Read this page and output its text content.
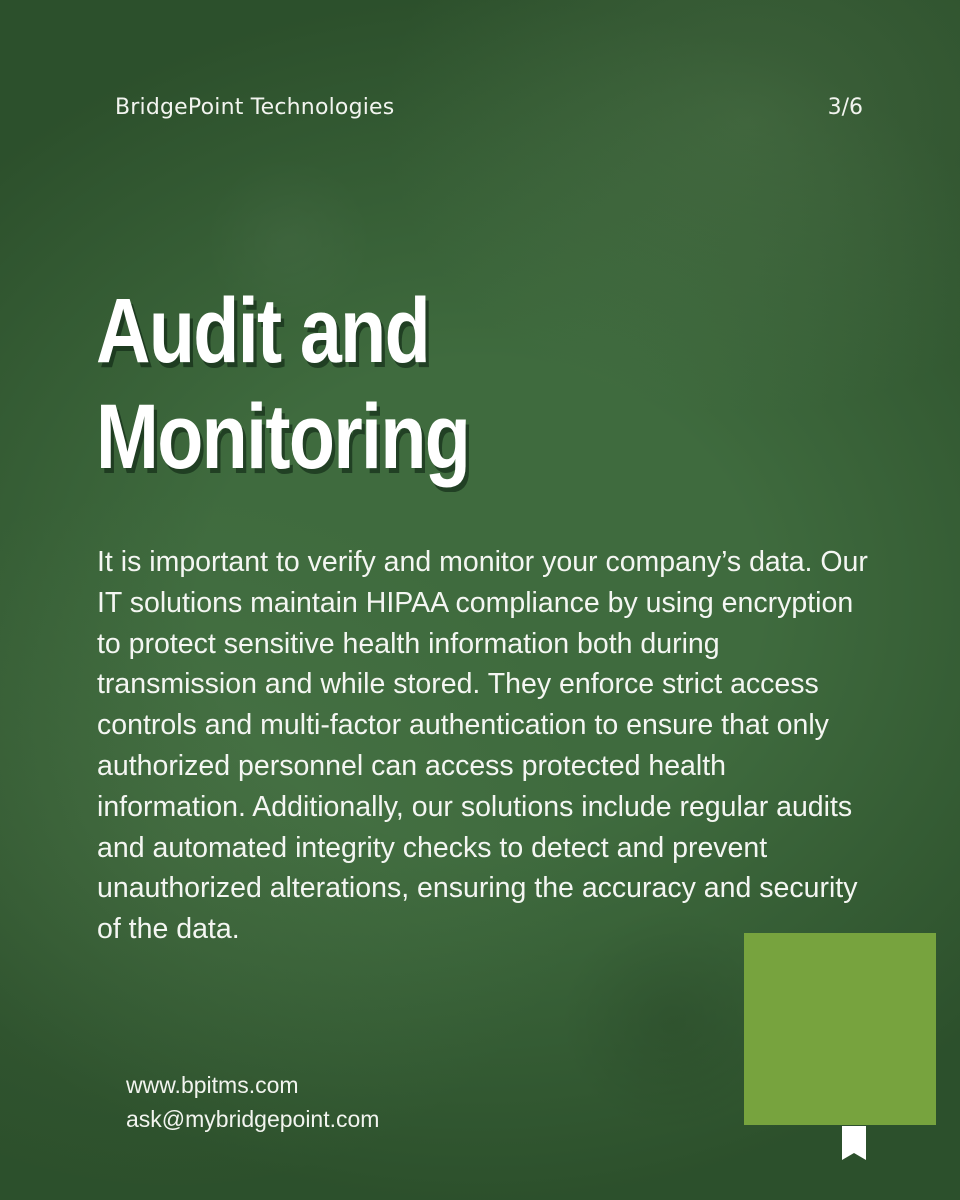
BridgePoint Technologies	3/6
Audit and
Monitoring

It is important to verify and monitor your company’s data. Our IT solutions maintain HIPAA compliance by using encryption to protect sensitive health information both during transmission and while stored. They enforce strict access controls and multi-factor authentication to ensure that only authorized personnel can access protected health information. Additionally, our solutions include regular audits and automated integrity checks to detect and prevent unauthorized alterations, ensuring the accuracy and security of the data.

www.bpitms.com
ask@mybridgepoint.com
